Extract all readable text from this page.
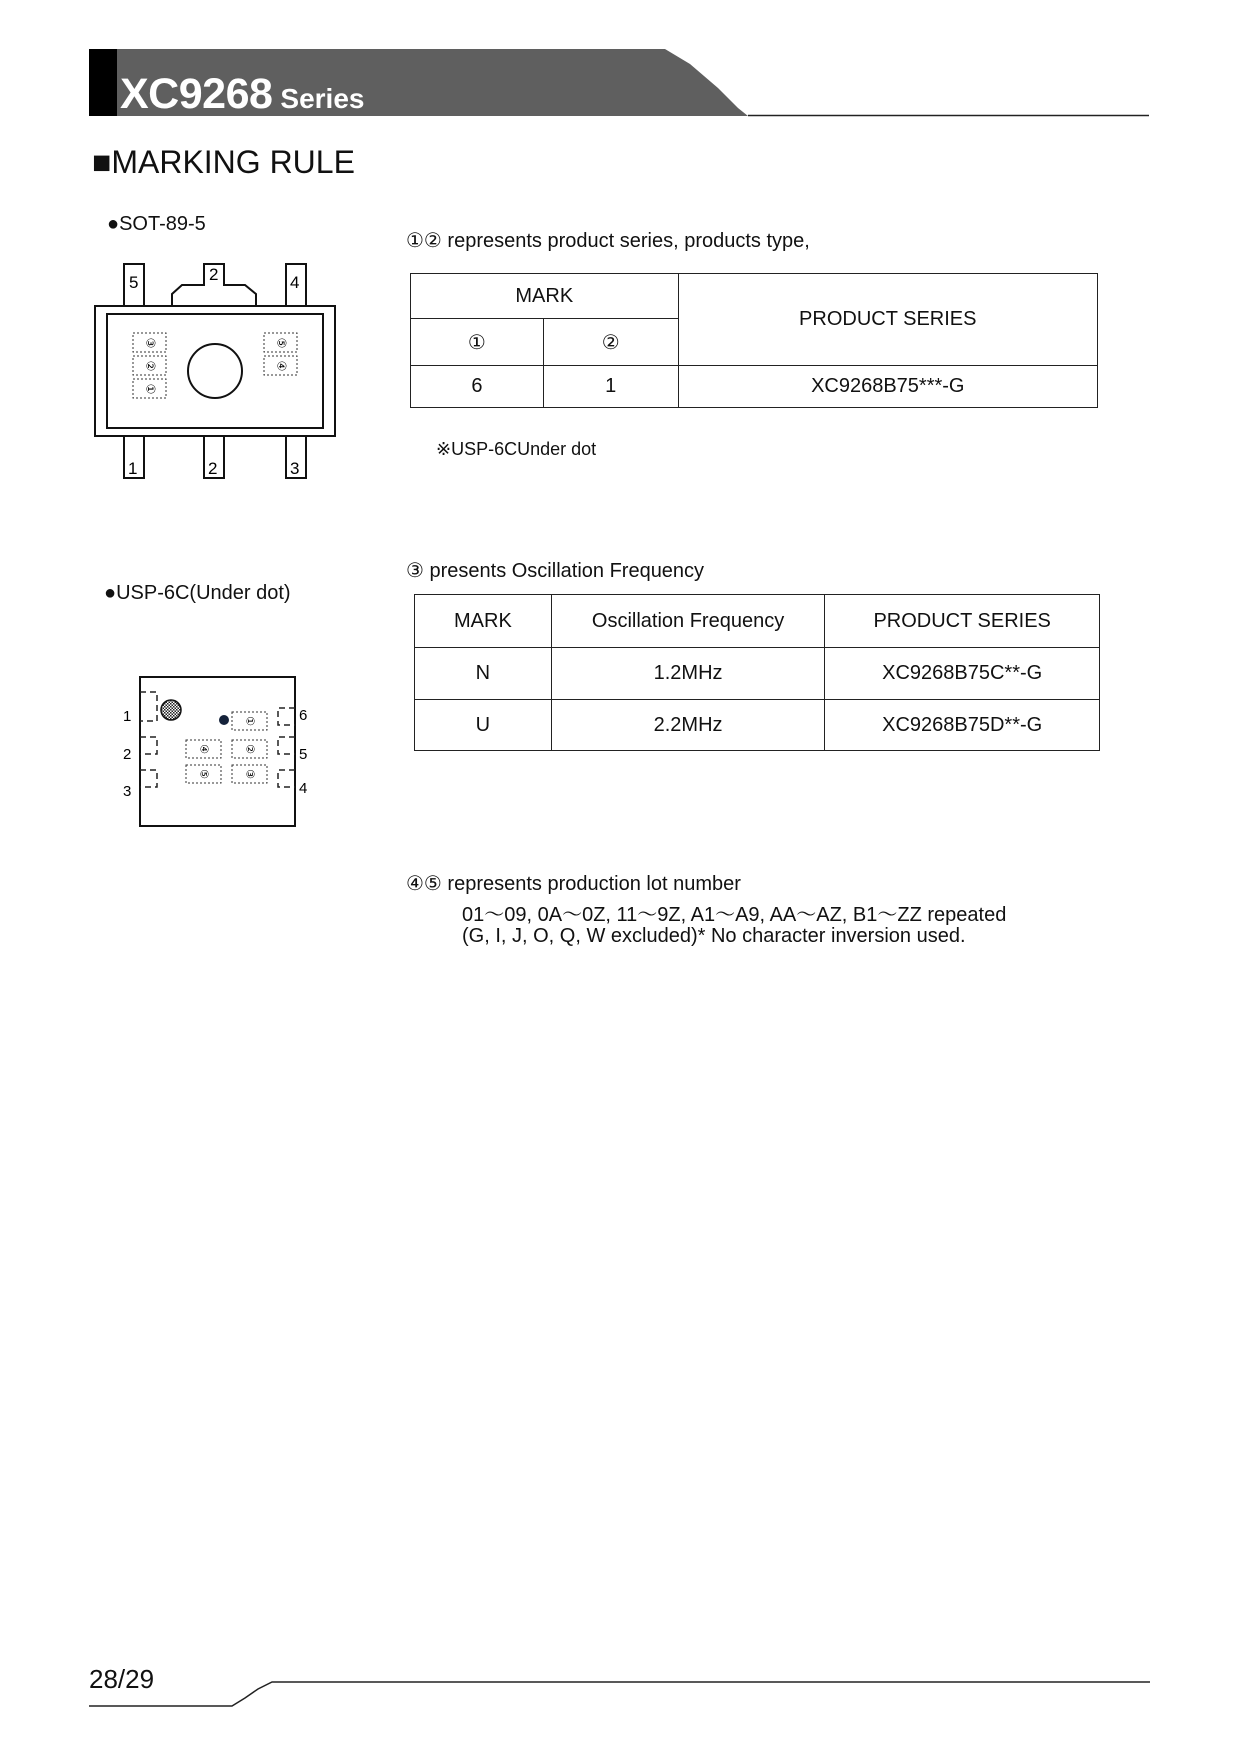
XC9268 Series
■MARKING RULE
●SOT-89-5
5	2	4
1	2	3
③
②
①
⑤
④
●USP-6C(Under dot)
1
2
3
6
5
4
①
④	②
⑤	③
①② represents product series, products type,
MARK		PRODUCT SERIES
①	②	
6	1	XC9268B75***-G
※USP-6CUnder dot
③ presents Oscillation Frequency
MARK	Oscillation Frequency	PRODUCT SERIES
N	1.2MHz	XC9268B75C**-G
U	2.2MHz	XC9268B75D**-G
④⑤ represents production lot number
01～09, 0A～0Z, 11～9Z, A1～A9, AA～AZ, B1～ZZ repeated
(G, I, J, O, Q, W excluded)* No character inversion used.
28/29
